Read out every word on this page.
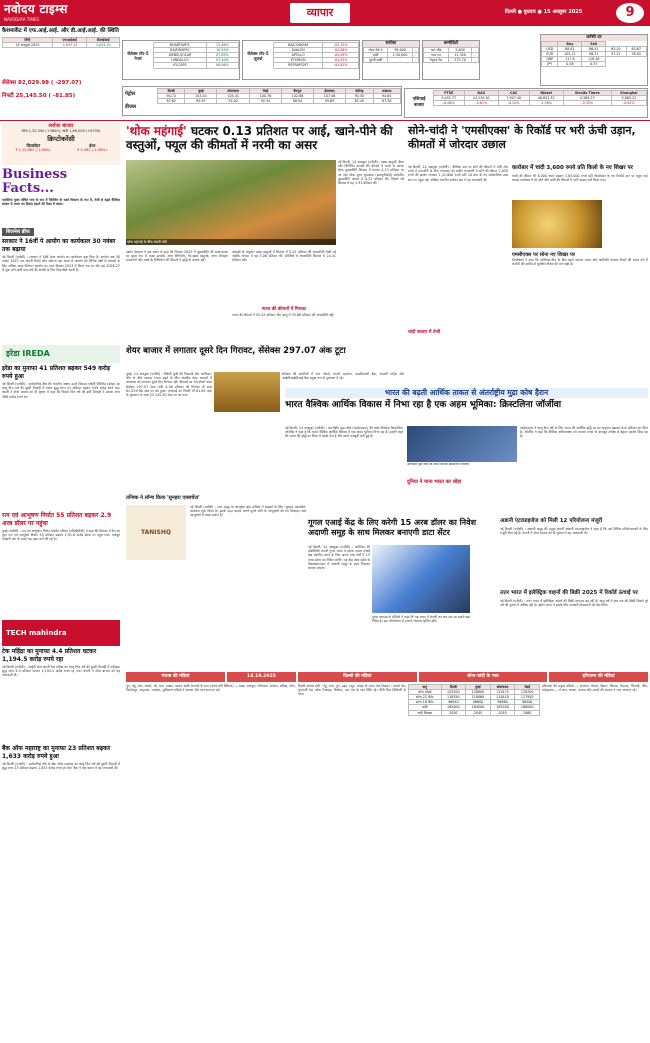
नवोदय टाइम्स
NAVODAYA TIMES
व्यापार	दिल्ली ● बुधवार ● 15 अक्तूबर 2025	9
कैशमार्केट में एफ.आई.आई. और डी.आई.आई. की स्थिति
तिथि	एफआईआई	डीआईआई
14 अक्तूबर 2025	-1,097.41	3,024.10
सेंसेक्स टॉप-5 गेनर्स
BHARTIARTL	12.66%
BAJFINSERV	10.93%
WEBELSOLAR	07.85%
HINDALCO	07.40%
IFLCAPS	06.86%
सेंसेक्स टॉप-5 लूजर्स
BAJCONSUM	-05.15%
AVALON	-05.08%
APOLLO	-05.09%
ETLYBON	-04.83%
REFRAPCMT	-04.81%
सर्राफा
सोना 99.5	99,000	-
चांदी	1,50,000	-
पुरानी चांदी	-	-
कमोडिटी
ग्वार सीड	5,630	-
ग्वार गम	11,350	-
नेचुरल गैस	272.70	-
करेंसी दर
	Buy	Sell		
USD	88.81	86.41	63.10	63.67
EUR	103.12	98.71	57.21	58.05
GBP	117.8	118.48		
JPY	0.58	0.57		
सेंसेक्स 82,029.98 ( -297.07)
निफ्टी 25,145.50 ( -81.85)	पेट्रोल
डीजल
दिल्ली	मुंबई	कोलकाता	चेन्नई	बेंगलुरु	हैदराबाद	चंडीगढ़	लखनऊ
94.72	103.44	105.41	100.76	102.86	107.46	94.30	94.65
87.62	89.97	92.02	92.34	88.94	95.65	82.45	87.76	एशियाई बाजार
FTSE	DAX	CAC	Nikkei	Straits Times	Shanghai
9,452.77	24,239.50	7,907.40	46,847.32	4,369.23	3,865.23
-0.06%	-0.61%	-0.20%	-2.58%	-0.35%	-0.62%
सर्राफा बाजार
सोना 1,32,000 (+3600), चांदी 1,89,000 (+6700)
क्रिप्टोकरेंसी
बिटकॉइन	ईथर
₹ 1,12,663 (-1.06%)	₹ 4,062 (-1.08%)
Business Facts...
प्लास्टिक मुक्त पोषित चाय के रूप में पैकेजिंग के सस्ते विकल्प के रूप में, तेजी से बढ़ते वैश्विक बाजार में भारत का हिस्सा बढ़ाने की दिशा में कदम।
बिजनेस ब्रीफ
सरकार ने 16वीं पे आयोग का कार्यकाल 30 नवंबर तक बढ़ाया
नई दिल्ली (एजेंसी) : सरकार ने 16वें वेतन आयोग का कार्यकाल बढ़ा दिया है। आयोग अब 30 नवंबर 2025 तक अपनी रिपोर्ट सौंप सकेगा। इस कदम से आयोग को विभिन्न पक्षों से परामर्श के लिए अधिक समय मिलेगा। आयोग का गठन दिसंबर 2023 में किया गया था और इसे 2026-27 से शुरू होने वाली पांच वर्ष की अवधि के लिए सिफारिशें करनी हैं।
इरेडा IREDA
इरेडा का मुनाफा 41 प्रतिशत बढ़कर 549 करोड़ रुपये हुआ
नई दिल्ली (एजेंसी) : सार्वजनिक क्षेत्र की भारतीय अक्षय ऊर्जा विकास एजेंसी लिमिटेड (इरेडा) का चालू वित्त वर्ष की दूसरी तिमाही में एकल शुद्ध लाभ 41 प्रतिशत बढ़कर 549 करोड़ रुपये रहा। कंपनी ने शेयर बाजार को दी सूचना में कहा कि पिछले वित्त वर्ष की इसी तिमाही में उसका लाभ 388 करोड़ रुपये था।
रत्न एवं आभूषण निर्यात 55 प्रतिशत बढ़कर 2.9 अरब डॉलर पर पहुंचा
मुंबई (एजेंसी) : रत्न एवं आभूषण निर्यात संवर्धन परिषद (जीजेईपीसी) ने कहा कि सितंबर में देश का कुल रत्न एवं आभूषण निर्यात 55 प्रतिशत बढ़कर 2,91.8 करोड़ डॉलर पर पहुंच गया। मजबूत त्योहारी मांग के चलते यह बढ़त दर्ज की गई है।
TECH mahindra
टेक महिंद्रा का मुनाफा 4.4 प्रतिशत घटकर 1,194.5 करोड़ रुपये रहा
नई दिल्ली (एजेंसी) : आईटी सेवा कंपनी टेक महिंद्रा का चालू वित्त वर्ष की दूसरी तिमाही में एकीकृत शुद्ध लाभ 4.4 प्रतिशत घटकर 1,194.5 करोड़ रुपये रह गया। कंपनी ने शेयर बाजार को यह जानकारी दी।
बैंक ऑफ महाराष्ट्र का मुनाफा 23 प्रतिशत बढ़कर 1,633 करोड़ रुपये हुआ
नई दिल्ली (एजेंसी) : सार्वजनिक क्षेत्र के बैंक ऑफ महाराष्ट्र का चालू वित्त वर्ष की दूसरी तिमाही में शुद्ध लाभ 23 प्रतिशत बढ़कर 1,633 करोड़ रुपये हो गया। बैंक ने एक बयान में यह जानकारी दी।
'थोक महंगाई' घटकर 0.13 प्रतिशत पर आई, खाने-पीने की वस्तुओं, फ्यूल की कीमतों में नरमी का असर
थोक महंगाई के बीच सब्जी मंडी
नई दिल्ली, 14 अक्तूबर (एजेंसी) : खाद्य वस्तुओं, ईंधन और विनिर्मित उत्पादों की कीमतों में नरमी के कारण थोक मुद्रास्फीति सितंबर में घटकर 0.13 प्रतिशत पर आ गई। थोक मूल्य सूचकांक (डब्ल्यूपीआई) आधारित मुद्रास्फीति अगस्त में 0.52 प्रतिशत थी। पिछले वर्ष सितंबर में यह 1.91 प्रतिशत थी।
उद्योग मंत्रालय ने एक बयान में कहा कि सितंबर 2025 में मुद्रास्फीति की सकारात्मक दर मुख्य रूप से खाद्य उत्पादों, अन्य विनिर्माण, गैर-खाद्य वस्तुओं, अन्य परिवहन उपकरणों और वस्त्रों के विनिर्माण की कीमतों में वृद्धि के कारण रही।
आंकड़ों के अनुसार खाद्य वस्तुओं में सितंबर में 5.22 प्रतिशत की अपस्फीति देखी गई जबकि अगस्त में यह 3.06 प्रतिशत थी। सब्जियों में अपस्फीति सितंबर में 24.41 प्रतिशत रही।
प्याज की कीमतों में गिरावट
प्याज की कीमतों में 55.43 प्रतिशत और आलू में 39.88 प्रतिशत की अपस्फीति रही।
सोने-चांदी ने 'एमसीएक्स' के रिकॉर्ड पर भरी ऊंची उड़ान, कीमतों में जोरदार उछाल
नई दिल्ली, 14 अक्तूबर (एजेंसी) : वैश्विक स्तर पर सोने की कीमतों में तेजी और रुपये में कमजोरी के बीच मंगलवार को राष्ट्रीय राजधानी में सोने की कीमत 2,850 रुपये की छलांग लगाकर 1,32,800 रुपये प्रति 10 ग्राम के नए सर्वकालिक उच्च स्तर पर पहुंच गई। अखिल भारतीय सर्राफा संघ ने यह जानकारी दी।
कारोबार में चांदी 3,600 रुपये प्रति किलो के नए शिखर पर
चांदी की कीमत भी 6,000 रुपये बढ़कर 1,85,000 रुपये प्रति किलोग्राम के नए रिकॉर्ड स्तर पर पहुंच गई। वायदा कारोबार में भी सोने और चांदी की कीमतों में भारी उछाल दर्ज किया गया।
एमसीएक्स पर सोना नए शिखर पर
विश्लेषकों ने कहा कि अमेरिका-चीन के बीच बढ़ते व्यापार तनाव और अमेरिकी फेडरल रिजर्व की ब्याज दरों में कटौती की उम्मीद से सुरक्षित निवेश की मांग बढ़ी है।
चांदी बाजार में तेजी
शेयर बाजार में लगातार दूसरे दिन गिरावट, सेंसेक्स 297.07 अंक टूटा
मुंबई, 14 अक्तूबर (एजेंसी) : विदेशी पूंजी की निकासी और अमेरिका-चीन के बीच व्यापार तनाव बढ़ने के बीच स्थानीय शेयर बाजारों में मंगलवार को लगातार दूसरे दिन गिरावट रही। बीएसई का 30 शेयरों वाला सेंसेक्स 297.07 अंक यानी 0.36 प्रतिशत की गिरावट के साथ 82,029.98 अंक पर बंद हुआ। एनएसई का निफ्टी भी 81.85 अंक के नुकसान के साथ 25,145.50 अंक पर आ गया।
सेंसेक्स की कंपनियों में टाटा मोटर्स, भारती एयरटेल, एचडीएफसी बैंक, अदाणी पोर्ट्स और आईसीआईसीआई बैंक प्रमुख रूप से नुकसान में रहे।
तनिष्क ने लॉन्च किया 'सुनहरा एक्सचेंज'
TANISHQ
नई दिल्ली (एजेंसी) : टाटा समूह के आभूषण ब्रांड तनिष्क ने ग्राहकों के लिए 'सुनहरा एक्सचेंज' कार्यक्रम शुरू किया है। इसके तहत ग्राहक अपने पुराने सोने के आभूषणों को नए डिजाइन वाले आभूषणों से बदल सकते हैं।
भारत की बढ़ती आर्थिक ताकत से अंतर्राष्ट्रीय मुद्रा कोष हैरान
भारत वैश्विक आर्थिक विकास में निभा रहा है एक अहम भूमिका: क्रिस्टलिना जॉर्जीवा
नई दिल्ली, 14 अक्तूबर (एजेंसी) : अंतर्राष्ट्रीय मुद्रा कोष (आईएमएफ) की प्रबंध निदेशक क्रिस्टलिना जॉर्जीवा ने कहा है कि भारत वैश्विक आर्थिक विकास में एक अहम भूमिका निभा रहा है। उन्होंने कहा कि भारत की वृद्धि दर विश्व में सबसे तेज है और इसमें मजबूती बनी हुई है।
अंतर्राष्ट्रीय मुद्रा कोष की प्रबंध निदेशक क्रिस्टलिना जॉर्जीवा
दुनिया ने माना भारत का लोहा
आईएमएफ ने चालू वित्त वर्ष के लिए भारत की आर्थिक वृद्धि दर का अनुमान बढ़ाकर 6.6 प्रतिशत कर दिया है। जॉर्जीवा ने कहा कि वैश्विक अर्थव्यवस्था को व्यापार तनाव के बावजूद अपेक्षा से बेहतर प्रदर्शन दिख रहा है।
गूगल एआई केंद्र के लिए करेगी 15 अरब डॉलर का निवेश अदाणी समूह के साथ मिलकर बनाएगी डाटा सेंटर
नई दिल्ली, 14 अक्तूबर (एजेंसी) : अमेरिका की प्रौद्योगिकी कंपनी गूगल भारत में अपना पहला एआई केंद्र स्थापित करने के लिए अगले पांच वर्षों में 15 अरब डॉलर का निवेश करेगी। यह केंद्र आंध्र प्रदेश के विशाखापत्तनम में अदाणी समूह के साथ मिलकर बनाया जाएगा।
गूगल क्लाउड के सीईओ ने कहा कि यह भारत में कंपनी का अब तक का सबसे बड़ा निवेश है। इस परियोजना से हजारों रोजगार सृजित होंगे।
अडानी एंटरप्राइजेज को मिली 12 परियोजना मंजूरी
नई दिल्ली (एजेंसी) : अदाणी समूह की प्रमुख कंपनी अदाणी एंटरप्राइजेज ने कहा है कि उसे विभिन्न परियोजनाओं के लिए मंजूरी मिल गई है। कंपनी ने शेयर बाजार को दी सूचना में यह जानकारी दी।
उत्तर भारत में इलेक्ट्रिक वाहनों की बिक्री 2025 में रिकॉर्ड ऊंचाई पर
नई दिल्ली (एजेंसी) : उत्तर भारत में इलेक्ट्रिक वाहनों की बिक्री लगातार बढ़ रही है। चालू वर्ष में अब तक की बिक्री पिछले पूरे वर्ष की तुलना में अधिक रही है। उद्योग जगत ने इसके लिए सरकारी प्रोत्साहनों को श्रेय दिया।
पंजाब की मंडियां	14.10.2025	दिल्ली की मंडियां	सोना-चांदी के भाव	हरियाणा की मंडियां
मूंग, गेहूं, धान, सरसों, जौ, चना, मक्का, बाजरा आदि अनाजों के भाव (रुपये प्रति क्विंटल) — खन्ना, राजपुरा, पटियाला, संगरूर, बठिंडा, मोगा, फिरोजपुर, अमृतसर, जालंधर, लुधियाना मंडियों में आवक और भाव सामान्य रहे।
दिल्ली अनाज मंडी : गेहूं, चना, मूंग, उड़द, मसूर, अरहर के भाव। तेल-तिलहन : सरसों तेल, मूंगफली तेल, सोया रिफाइंड, बिनौला, पाम तेल के भाव स्थिर रहे। चीनी मिल डिलिवरी के भाव।
धातु	दिल्ली	मुंबई	कोलकाता	चेन्नई
सोना स्टैंडर्ड	129100	128800	129175	128700
सोना 22 कैरेट	118350	118060	118410	117950
सोना 18 कैरेट	96840	96600	96880	96500
चांदी	185000	184500	185200	186000
चांदी सिक्का	2050	2045	2055	2060
हरियाणा की प्रमुख मंडियों — करनाल, कैथल, हिसार, सिरसा, रोहतक, भिवानी, जींद, फतेहाबाद — में धान, बाजरा, कपास और सरसों की आवक व भाव सामान्य रहे।
